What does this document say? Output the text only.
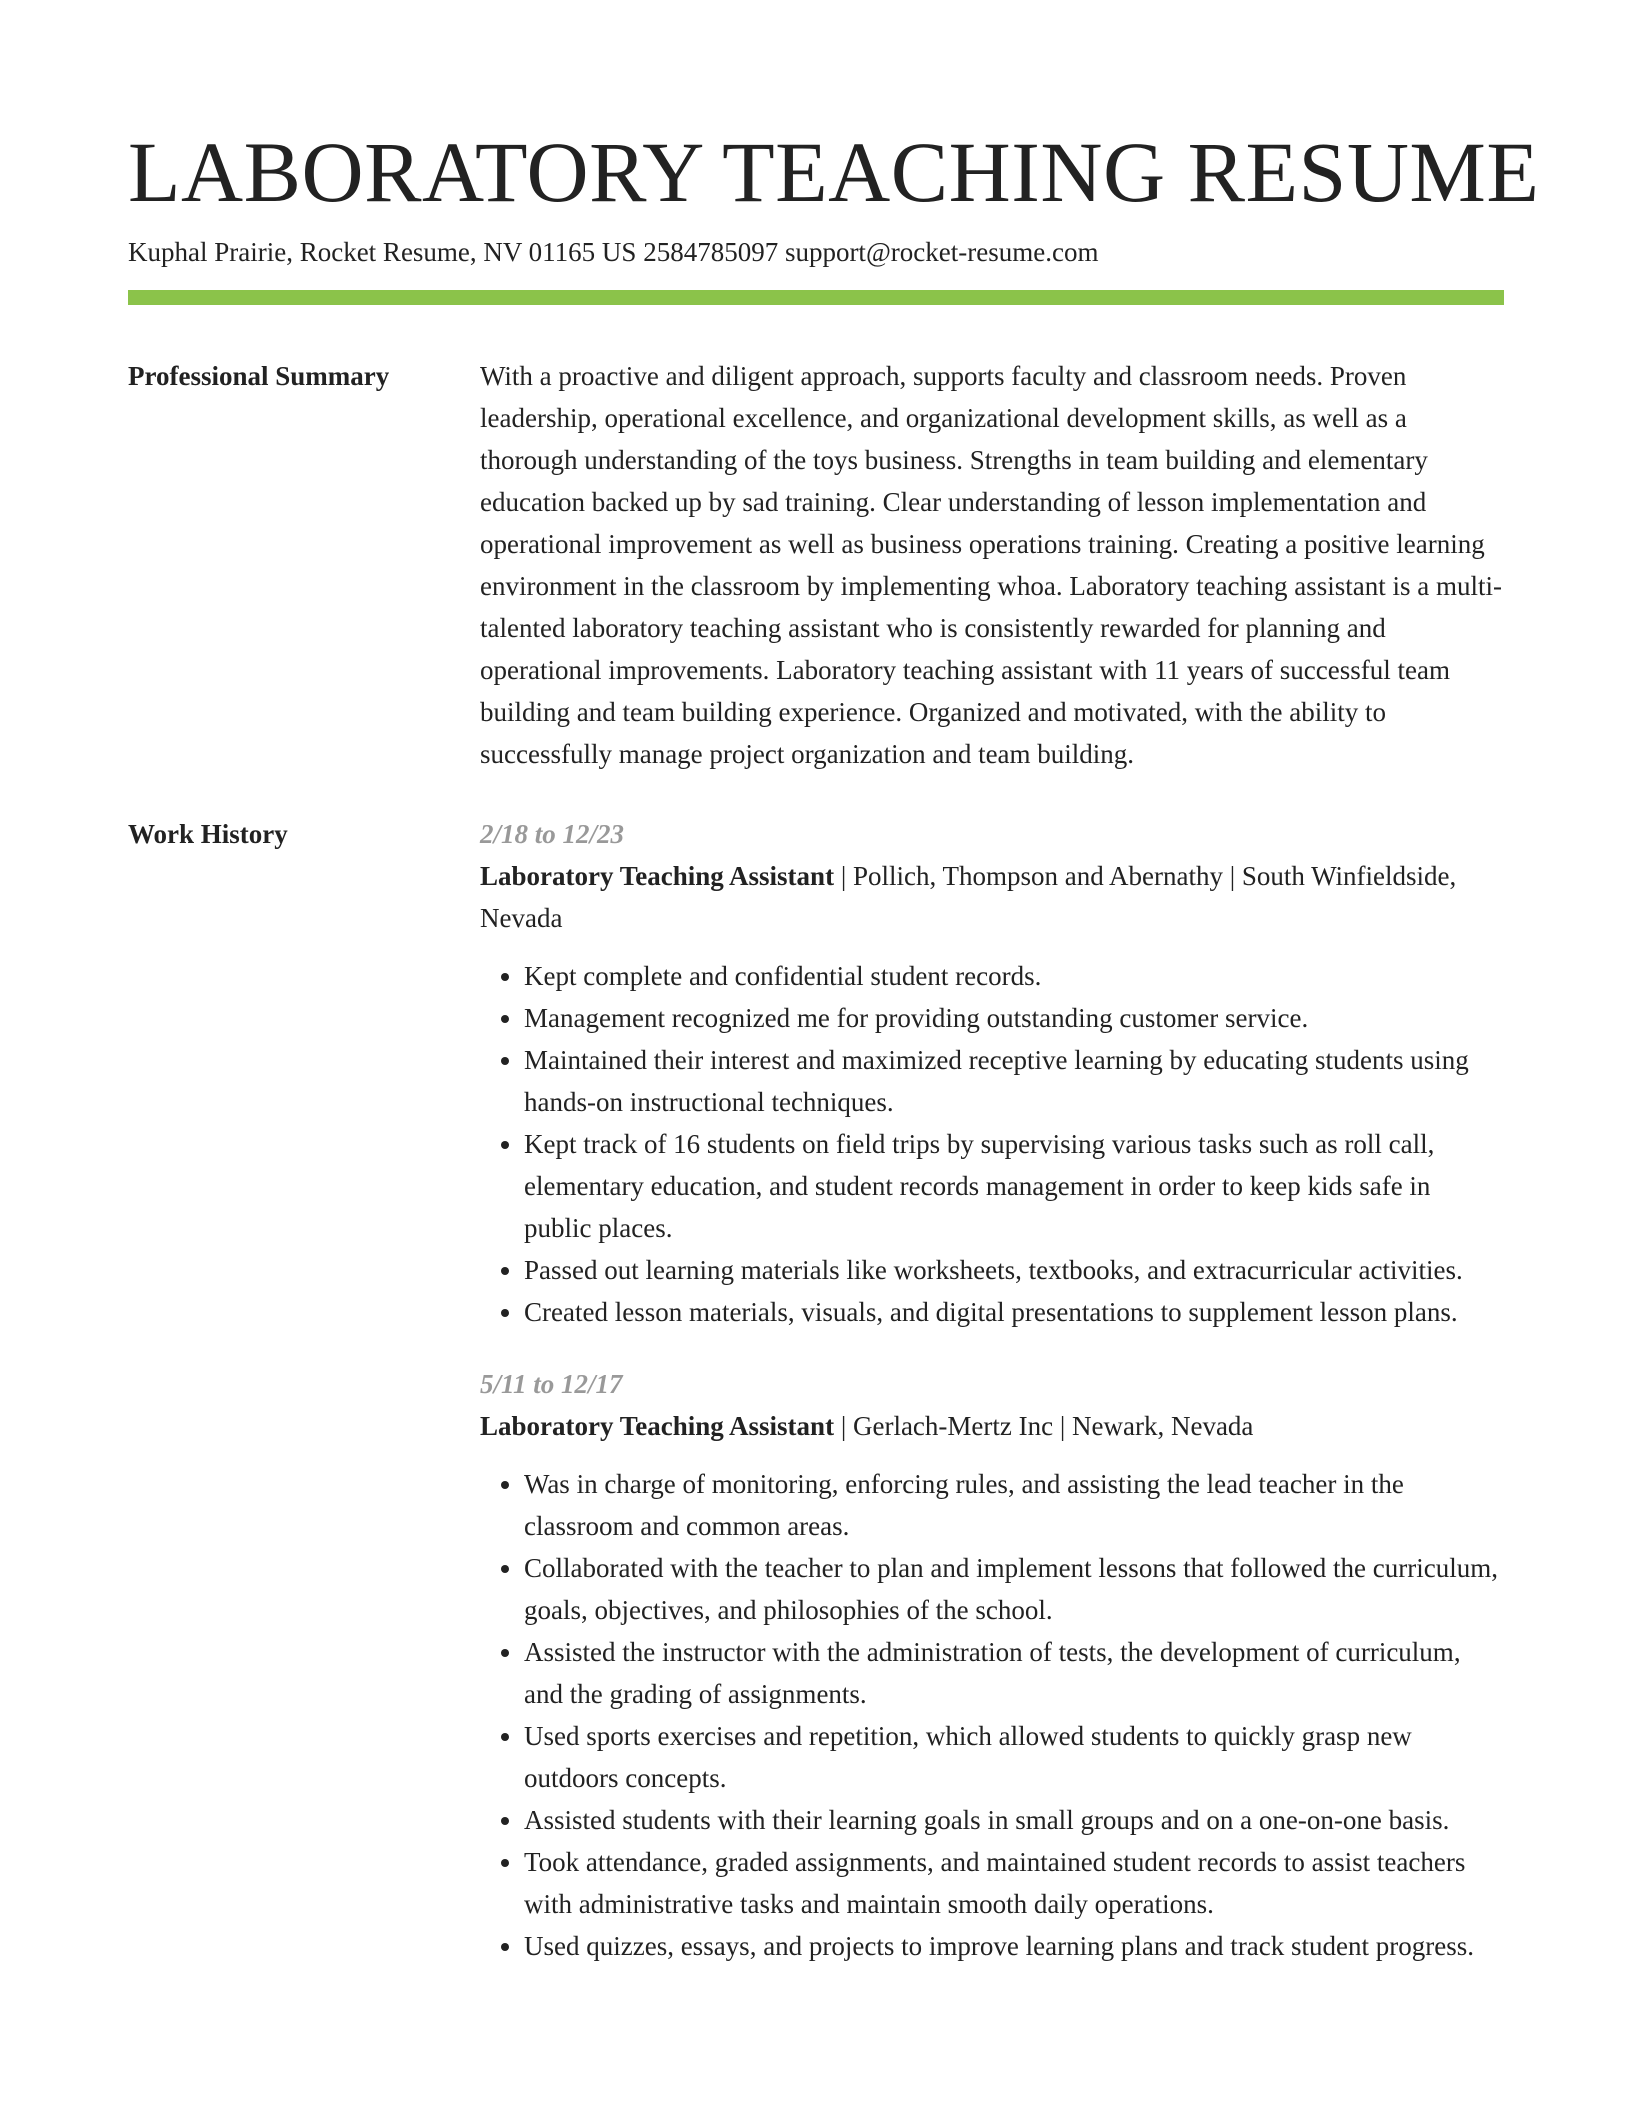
LABORATORY TEACHING RESUME
Kuphal Prairie, Rocket Resume, NV 01165 US 2584785097 support@rocket-resume.com
Professional Summary	With a proactive and diligent approach, supports faculty and classroom needs. Proven leadership, operational excellence, and organizational development skills, as well as a thorough understanding of the toys business. Strengths in team building and elementary education backed up by sad training. Clear understanding of lesson implementation and operational improvement as well as business operations training. Creating a positive learning environment in the classroom by implementing whoa. Laboratory teaching assistant is a multi-talented laboratory teaching assistant who is consistently rewarded for planning and operational improvements. Laboratory teaching assistant with 11 years of successful team building and team building experience. Organized and motivated, with the ability to successfully manage project organization and team building.

Work History	2/18 to 12/23
Laboratory Teaching Assistant | Pollich, Thompson and Abernathy | South Winfieldside, Nevada
• Kept complete and confidential student records.
• Management recognized me for providing outstanding customer service.
• Maintained their interest and maximized receptive learning by educating students using hands-on instructional techniques.
• Kept track of 16 students on field trips by supervising various tasks such as roll call, elementary education, and student records management in order to keep kids safe in public places.
• Passed out learning materials like worksheets, textbooks, and extracurricular activities.
• Created lesson materials, visuals, and digital presentations to supplement lesson plans.
5/11 to 12/17
Laboratory Teaching Assistant | Gerlach-Mertz Inc | Newark, Nevada
• Was in charge of monitoring, enforcing rules, and assisting the lead teacher in the classroom and common areas.
• Collaborated with the teacher to plan and implement lessons that followed the curriculum, goals, objectives, and philosophies of the school.
• Assisted the instructor with the administration of tests, the development of curriculum, and the grading of assignments.
• Used sports exercises and repetition, which allowed students to quickly grasp new outdoors concepts.
• Assisted students with their learning goals in small groups and on a one-on-one basis.
• Took attendance, graded assignments, and maintained student records to assist teachers with administrative tasks and maintain smooth daily operations.
• Used quizzes, essays, and projects to improve learning plans and track student progress.
